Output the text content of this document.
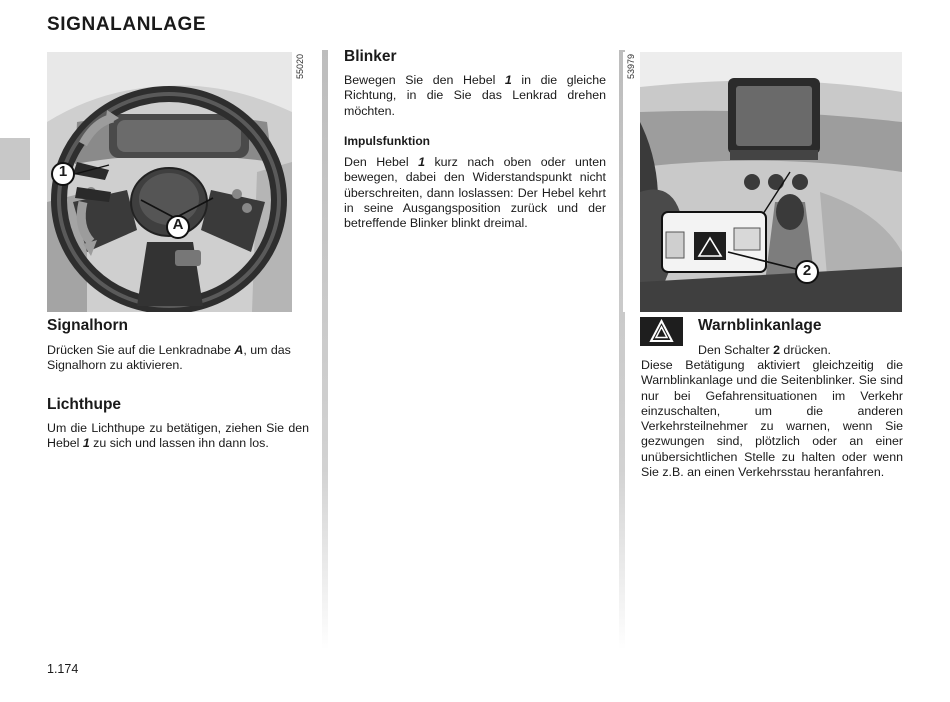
SIGNALANLAGE
1
A
55020
Signalhorn

Drücken Sie auf die Lenkradnabe A, um das Signalhorn zu aktivieren.

Lichthupe

Um die Lichthupe zu betätigen, ziehen Sie den Hebel 1 zu sich und lassen ihn dann los.

Blinker

Bewegen Sie den Hebel 1 in die gleiche Richtung, in die Sie das Lenkrad drehen möchten.

Impulsfunktion

Den Hebel 1 kurz nach oben oder unten bewegen, dabei den Widerstandspunkt nicht überschreiten, dann loslassen: Der Hebel kehrt in seine Ausgangsposition zurück und der betreffende Blinker blinkt dreimal.

53979
2
Warnblinkanlage

Den Schalter 2 drücken.

Diese Betätigung aktiviert gleichzeitig die Warnblinkanlage und die Seitenblinker. Sie sind nur bei Gefahrensituationen im Verkehr einzuschalten, um die anderen Verkehrsteilnehmer zu warnen, wenn Sie gezwungen sind, plötzlich oder an einer unübersichtlichen Stelle zu halten oder wenn Sie z.B. an einen Verkehrsstau heranfahren.

1.174
